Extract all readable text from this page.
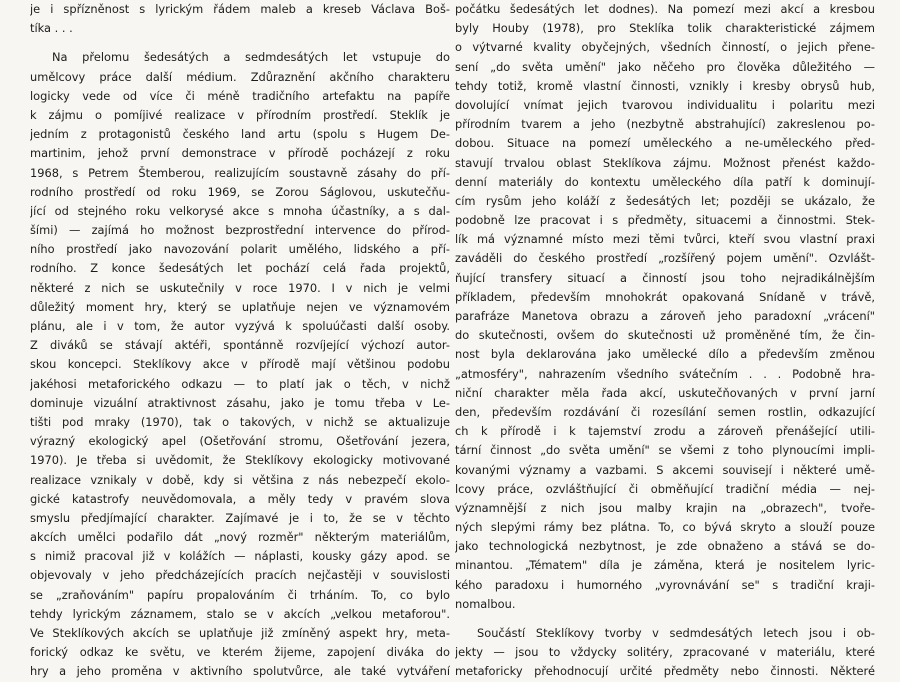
je i spřízněnost s lyrickým řádem maleb a kreseb Václava Boš-
tíka . . .
Na přelomu šedesátých a sedmdesátých let vstupuje do
umělcovy práce další médium. Zdůraznění akčního charakteru
logicky vede od více či méně tradičního artefaktu na papíře
k zájmu o pomíjivé realizace v přírodním prostředí. Steklík je
jedním z protagonistů českého land artu (spolu s Hugem De-
martinim, jehož první demonstrace v přírodě pocházejí z roku
1968, s Petrem Štemberou, realizujícím soustavně zásahy do pří-
rodního prostředí od roku 1969, se Zorou Ságlovou, uskutečňu-
jící od stejného roku velkorysé akce s mnoha účastníky, a s dal-
šími) — zajímá ho možnost bezprostřední intervence do přírod-
ního prostředí jako navozování polarit umělého, lidského a pří-
rodního. Z konce šedesátých let pochází celá řada projektů,
některé z nich se uskutečnily v roce 1970. I v nich je velmi
důležitý moment hry, který se uplatňuje nejen ve významovém
plánu, ale i v tom, že autor vyzývá k spoluúčasti další osoby.
Z diváků se stávají aktéři, spontánně rozvíjející výchozí autor-
skou koncepci. Steklíkovy akce v přírodě mají většinou podobu
jakéhosi metaforického odkazu — to platí jak o těch, v nichž
dominuje vizuální atraktivnost zásahu, jako je tomu třeba v Le-
tišti pod mraky (1970), tak o takových, v nichž se aktualizuje
výrazný ekologický apel (Ošetřování stromu, Ošetřování jezera,
1970). Je třeba si uvědomit, že Steklíkovy ekologicky motivované
realizace vznikaly v době, kdy si většina z nás nebezpečí ekolo-
gické katastrofy neuvědomovala, a měly tedy v pravém slova
smyslu předjímající charakter. Zajímavé je i to, že se v těchto
akcích umělci podařilo dát „nový rozměr" některým materiálům,
s nimiž pracoval již v kolážích — náplasti, kousky gázy apod. se
objevovaly v jeho předcházejících pracích nejčastěji v souvislosti
se „zraňováním" papíru propalováním či trháním. To, co bylo
tehdy lyrickým záznamem, stalo se v akcích „velkou metaforou".
Ve Steklíkových akcích se uplatňuje již zmíněný aspekt hry, meta-
forický odkaz ke světu, ve kterém žijeme, zapojení diváka do
hry a jeho proměna v aktivního spolutvůrce, ale také vytváření
počátku šedesátých let dodnes). Na pomezí mezi akcí a kresbou
byly Houby (1978), pro Steklíka tolik charakteristické zájmem
o výtvarné kvality obyčejných, všedních činností, o jejich přene-
sení „do světa umění" jako něčeho pro člověka důležitého —
tehdy totiž, kromě vlastní činnosti, vznikly i kresby obrysů hub,
dovolující vnímat jejich tvarovou individualitu i polaritu mezi
přírodním tvarem a jeho (nezbytně abstrahující) zakreslenou po-
dobou. Situace na pomezí uměleckého a ne-uměleckého před-
stavují trvalou oblast Steklíkova zájmu. Možnost přenést každo-
denní materiály do kontextu uměleckého díla patří k dominují-
cím rysům jeho koláží z šedesátých let; později se ukázalo, že
podobně lze pracovat i s předměty, situacemi a činnostmi. Stek-
lík má významné místo mezi těmi tvůrci, kteří svou vlastní praxi
zaváděli do českého prostředí „rozšířený pojem umění". Ozvlášt-
ňující transfery situací a činností jsou toho nejradikálnějším
příkladem, především mnohokrát opakovaná Snídaně v trávě,
parafráze Manetova obrazu a zároveň jeho paradoxní „vrácení"
do skutečnosti, ovšem do skutečnosti už proměněné tím, že čin-
nost byla deklarována jako umělecké dílo a především změnou
„atmosféry", nahrazením všedního svátečním . . . Podobně hra-
niční charakter měla řada akcí, uskutečňovaných v první jarní
den, především rozdávání či rozesílání semen rostlin, odkazující
ch k přírodě i k tajemství zrodu a zároveň přenášející utili-
tární činnost „do světa umění" se všemi z toho plynoucími impli-
kovanými významy a vazbami. S akcemi souvisejí i některé umě-
lcovy práce, ozvláštňující či obměňující tradiční média — nej-
významnější z nich jsou malby krajin na „obrazech", tvoře-
ných slepými rámy bez plátna. To, co bývá skryto a slouží pouze
jako technologická nezbytnost, je zde obnaženo a stává se do-
minantou. „Tématem" díla je záměna, která je nositelem lyric-
kého paradoxu i humorného „vyrovnávání se" s tradiční kraji-
nomalbou.
Součástí Steklíkovy tvorby v sedmdesátých letech jsou i ob-
jekty — jsou to vždycky solitéry, zpracované v materiálu, které
metaforicky přehodnocují určité předměty nebo činnosti. Některé
